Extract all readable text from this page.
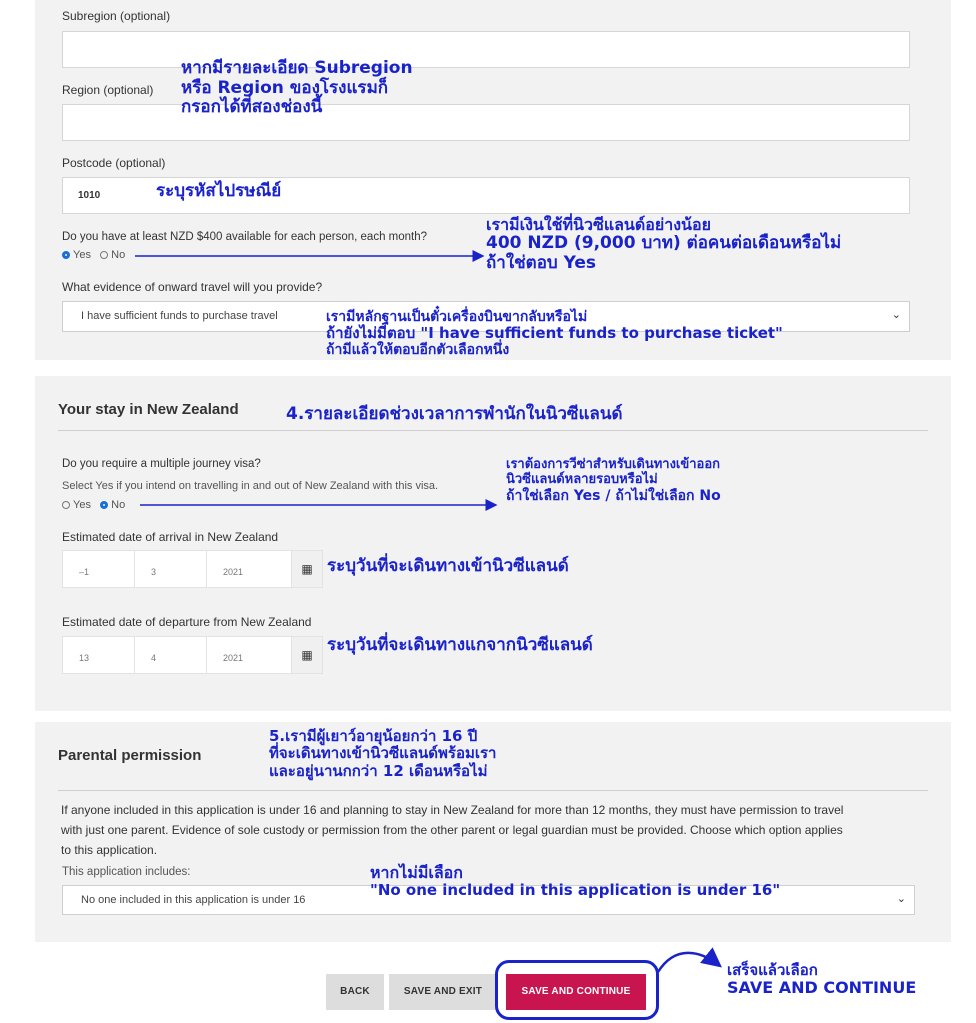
Subregion (optional)
Region (optional)
Postcode (optional)
1010
Do you have at least NZD $400 available for each person, each month?
Yes No
What evidence of onward travel will you provide?
I have sufficient funds to purchase travel	⌄
Your stay in New Zealand
Do you require a multiple journey visa?
Select Yes if you intend on travelling in and out of New Zealand with this visa.
Yes No
Estimated date of arrival in New Zealand
–1	3	2021	▦
Estimated date of departure from New Zealand
13	4	2021	▦
Parental permission
If anyone included in this application is under 16 and planning to stay in New Zealand for more than 12 months, they must have permission to travel
with just one parent. Evidence of sole custody or permission from the other parent or legal guardian must be provided. Choose which option applies
to this application.
This application includes:
No one included in this application is under 16	⌄
BACK	SAVE AND EXIT	SAVE AND CONTINUE
หากมีรายละเอียด Subregion
หรือ Region ของโรงแรมก็
กรอกได้ที่สองช่องนี้
ระบุรหัสไปรษณีย์
เรามีเงินใช้ที่นิวซีแลนด์อย่างน้อย
400 NZD (9,000 บาท) ต่อคนต่อเดือนหรือไม่
ถ้าใช่ตอบ Yes
เรามีหลักฐานเป็นตั๋วเครื่องบินขากลับหรือไม่
ถ้ายังไม่มีตอบ "I have sufficient funds to purchase ticket"
ถ้ามีแล้วให้ตอบอีกตัวเลือกหนึ่ง
4.รายละเอียดช่วงเวลาการพำนักในนิวซีแลนด์
เราต้องการวีซ่าสำหรับเดินทางเข้าออก
นิวซีแลนด์หลายรอบหรือไม่
ถ้าใช่เลือก Yes / ถ้าไม่ใช่เลือก No
ระบุวันที่จะเดินทางเข้านิวซีแลนด์
ระบุวันที่จะเดินทางแกจากนิวซีแลนด์
5.เรามีผู้เยาว์อายุน้อยกว่า 16 ปี
ที่จะเดินทางเข้านิวซีแลนด์พร้อมเรา
และอยู่นานกกว่า 12 เดือนหรือไม่
หากไม่มีเลือก
"No one included in this application is under 16"
เสร็จแล้วเลือก
SAVE AND CONTINUE
